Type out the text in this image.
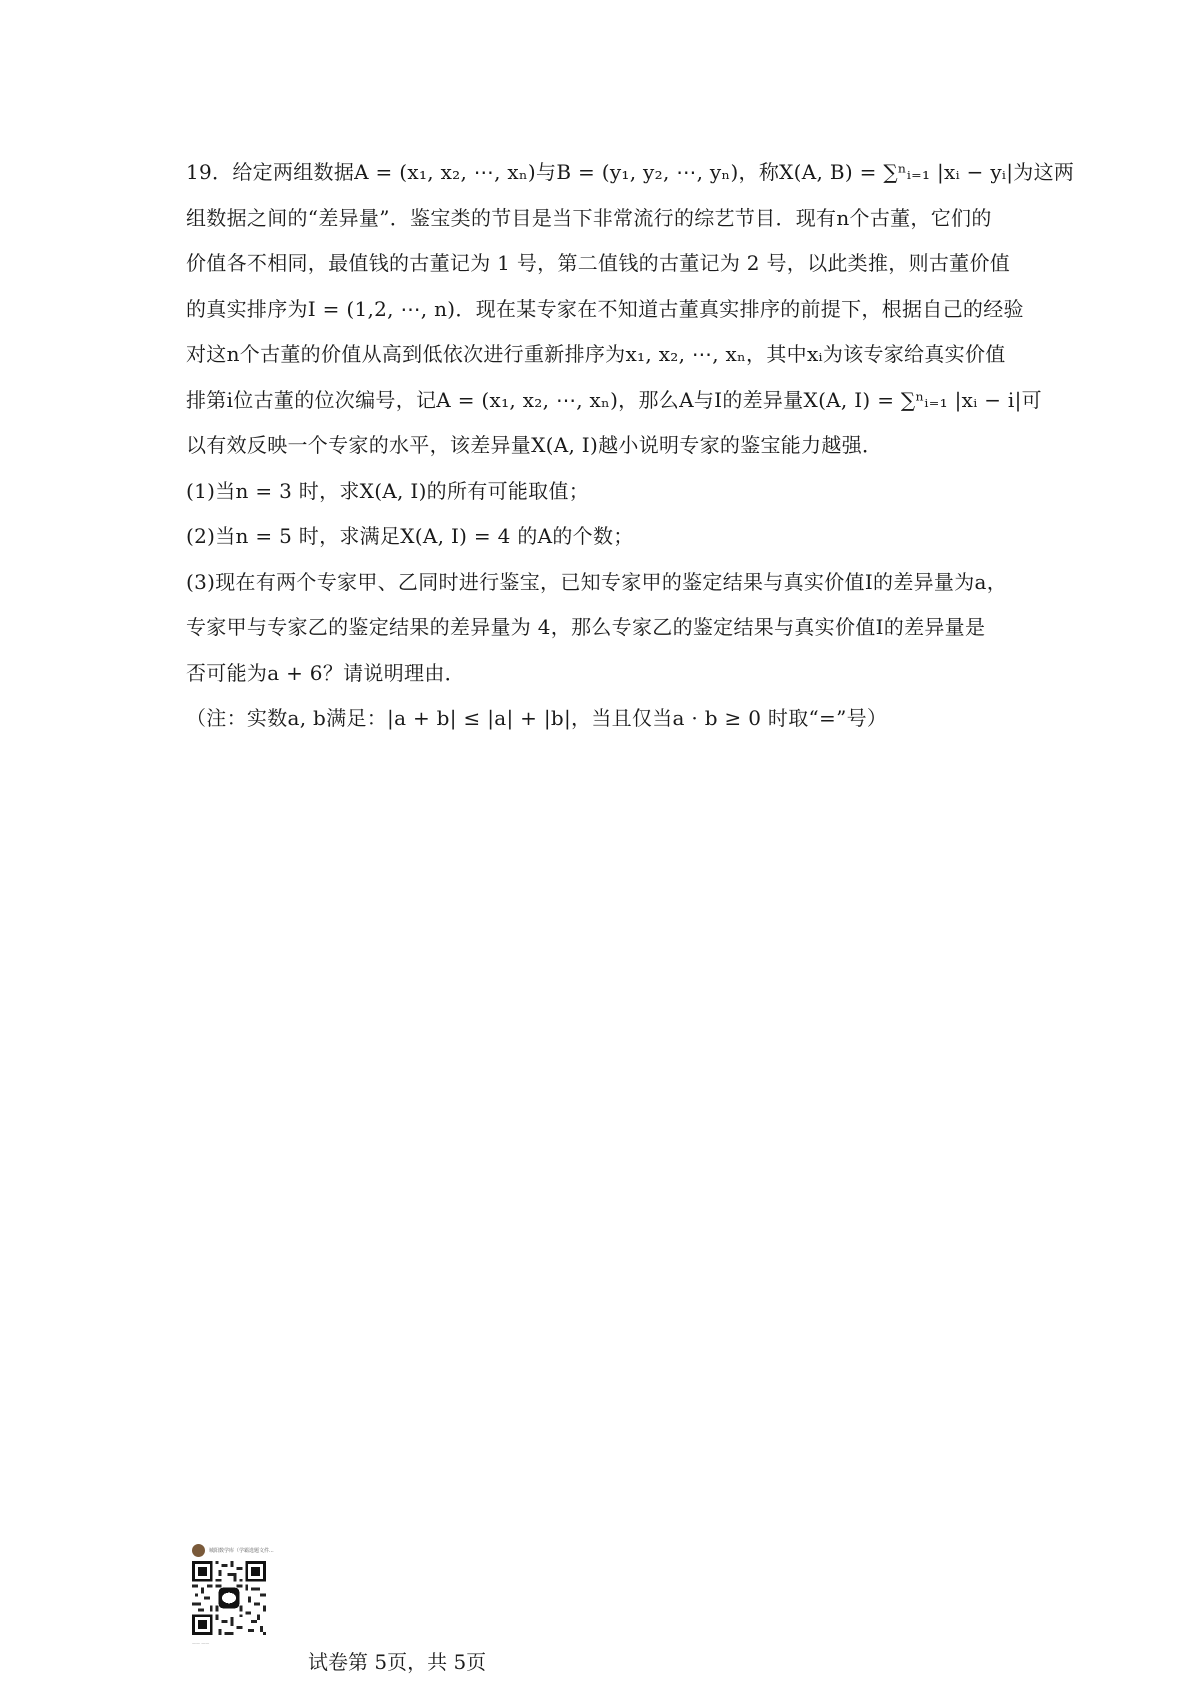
19．给定两组数据A = (x₁, x₂, ⋯, xₙ)与B = (y₁, y₂, ⋯, yₙ)，称X(A, B) = ∑ⁿᵢ₌₁ |xᵢ − yᵢ|为这两
组数据之间的“差异量”．鉴宝类的节目是当下非常流行的综艺节目．现有n个古董，它们的
价值各不相同，最值钱的古董记为 1 号，第二值钱的古董记为 2 号，以此类推，则古董价值
的真实排序为I = (1,2, ⋯, n)．现在某专家在不知道古董真实排序的前提下，根据自己的经验
对这n个古董的价值从高到低依次进行重新排序为x₁, x₂, ⋯, xₙ，其中xᵢ为该专家给真实价值
排第i位古董的位次编号，记A = (x₁, x₂, ⋯, xₙ)，那么A与I的差异量X(A, I) = ∑ⁿᵢ₌₁ |xᵢ − i|可
以有效反映一个专家的水平，该差异量X(A, I)越小说明专家的鉴宝能力越强．
(1)当n = 3 时，求X(A, I)的所有可能取值；
(2)当n = 5 时，求满足X(A, I) = 4 的A的个数；
(3)现在有两个专家甲、乙同时进行鉴宝，已知专家甲的鉴定结果与真实价值I的差异量为a，
专家甲与专家乙的鉴定结果的差异量为 4，那么专家乙的鉴定结果与真实价值I的差异量是
否可能为a + 6？请说明理由．
（注：实数a, b满足：|a + b| ≤ |a| + |b|，当且仅当a · b ≥ 0 时取“=”号）
城阳数学库（学霸选题文件...
—— ——
试卷第 5页，共 5页
